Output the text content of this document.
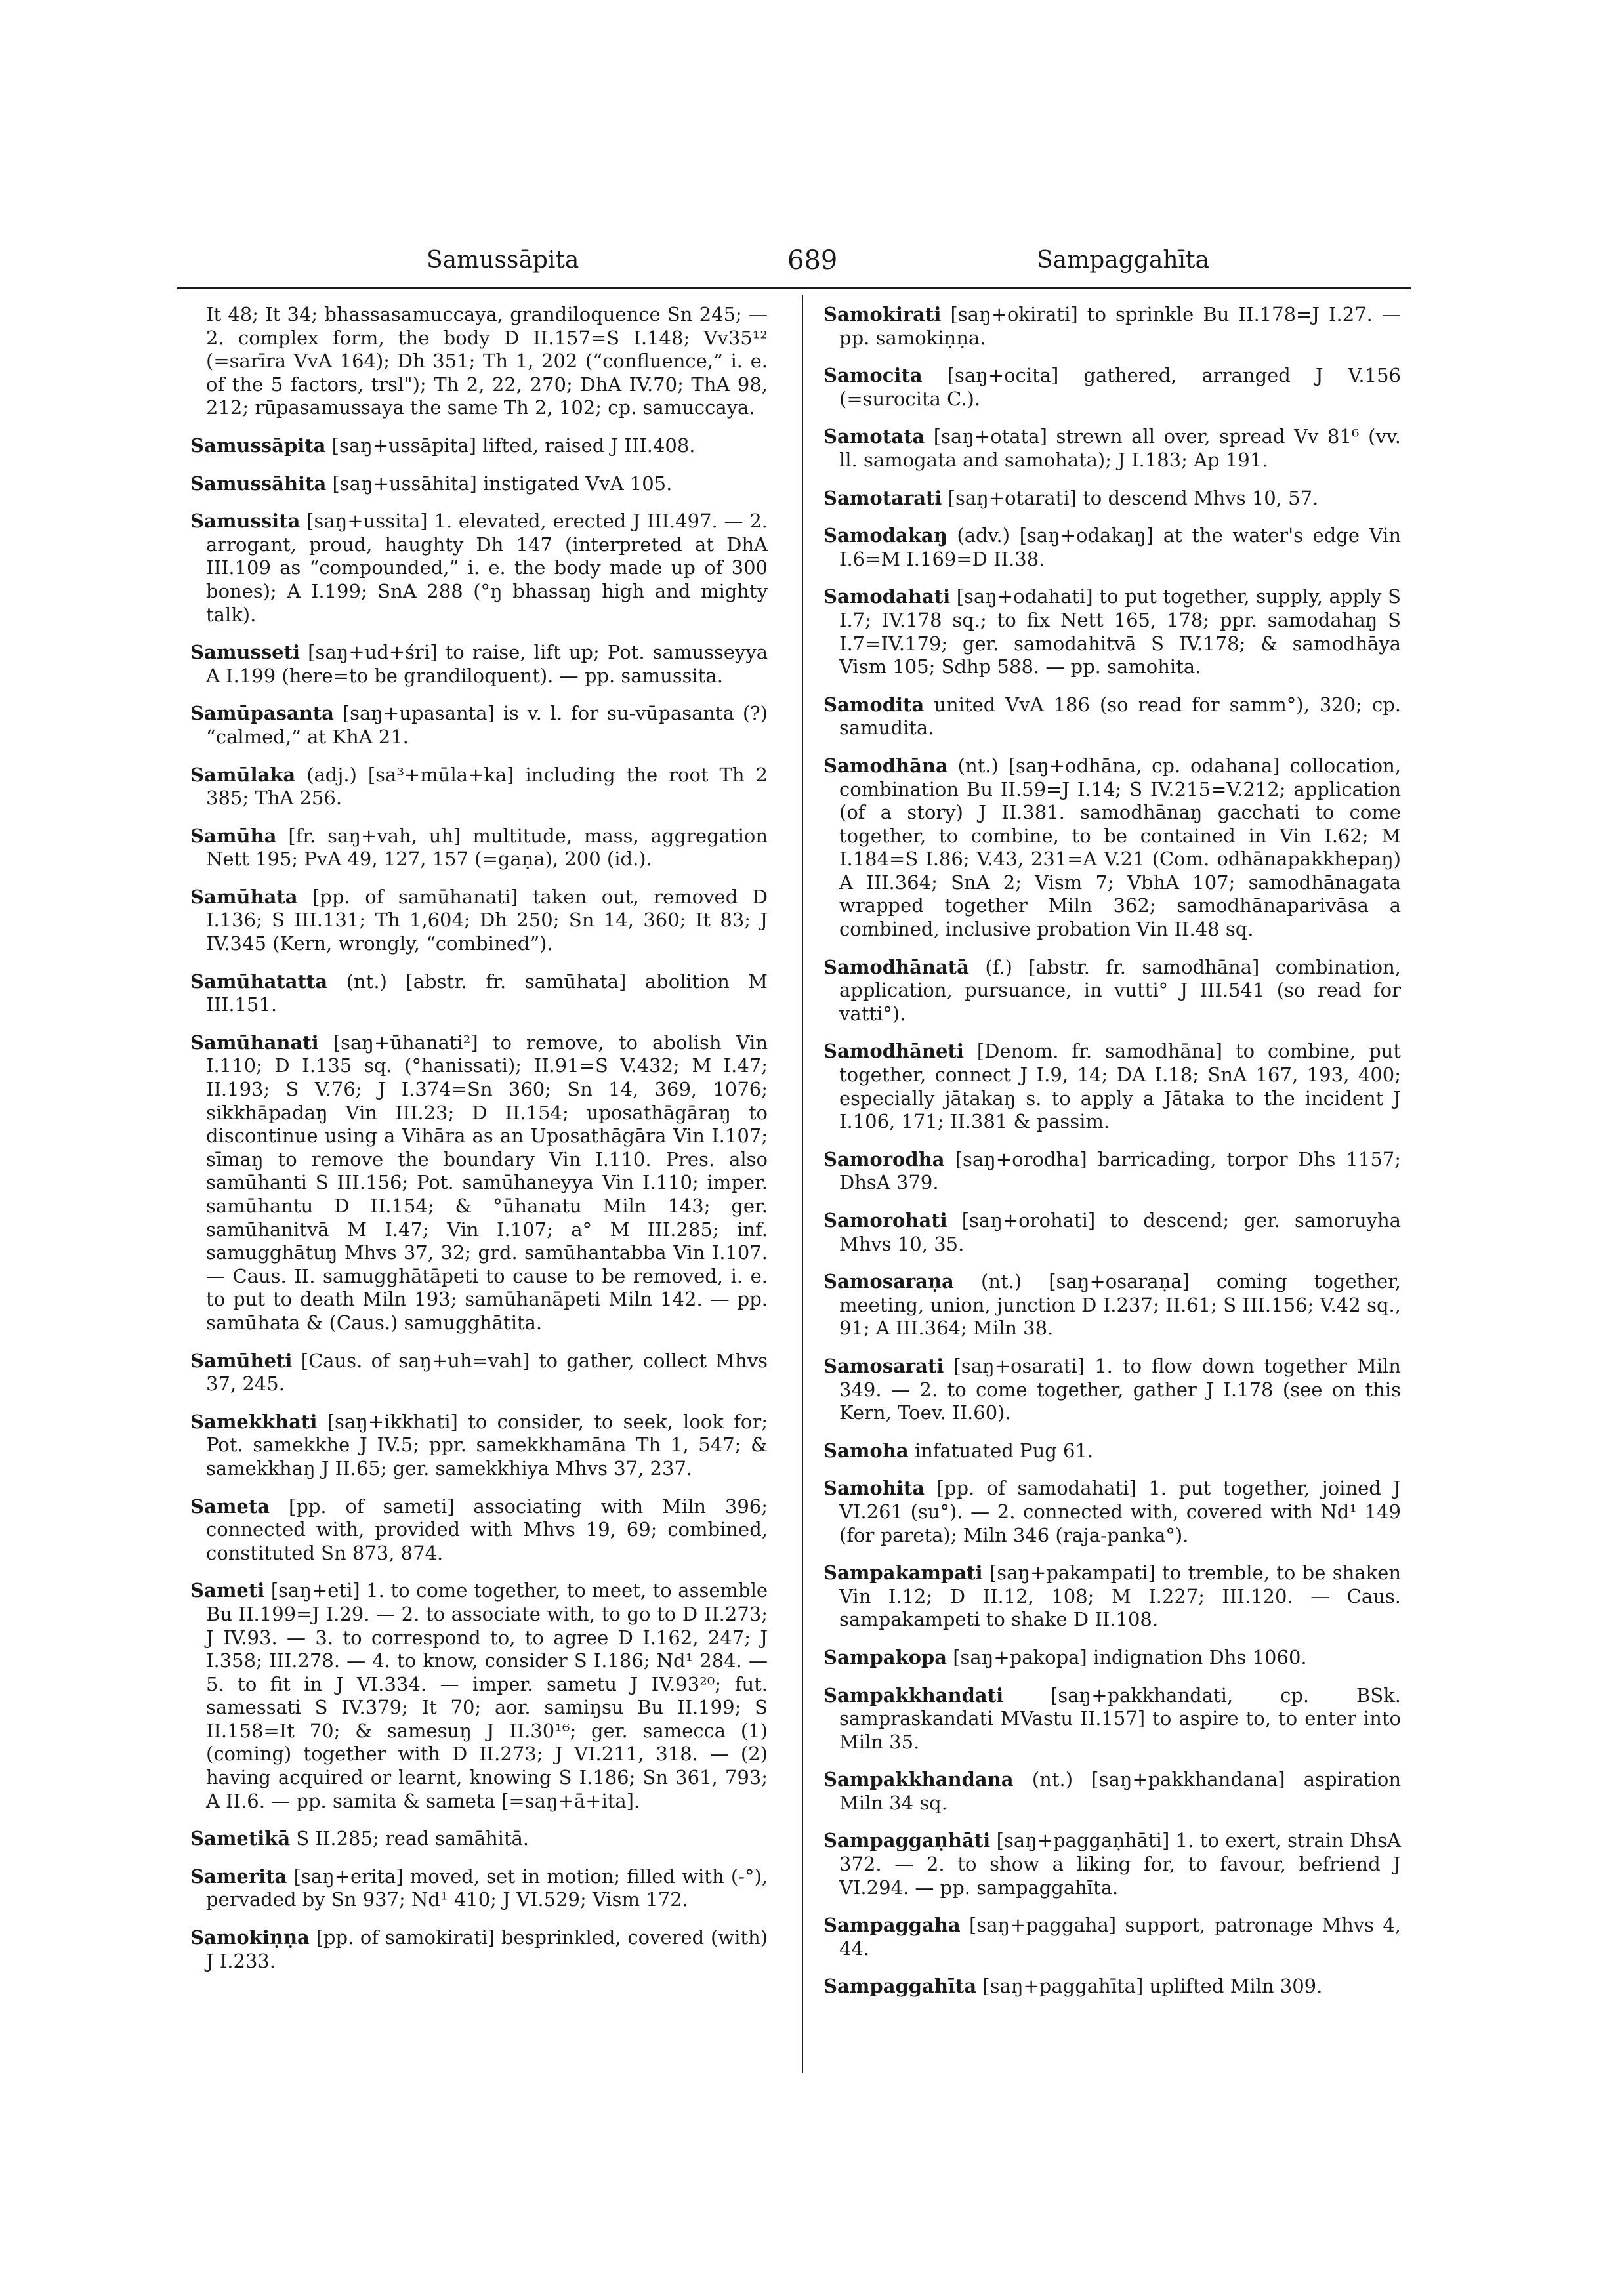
Samussāpita	689	Sampaggahīta

It 48; It 34; bhassasamuccaya, grandiloquence Sn 245; — 2. complex form, the body D II.157=S I.148; Vv35¹² (=sarīra VvA 164); Dh 351; Th 1, 202 (“confluence,” i. e. of the 5 factors, trsl"); Th 2, 22, 270; DhA IV.70; ThA 98, 212; rūpasamussaya the same Th 2, 102; cp. samuccaya.

Samussāpita [saŋ+ussāpita] lifted, raised J III.408.

Samussāhita [saŋ+ussāhita] instigated VvA 105.

Samussita [saŋ+ussita] 1. elevated, erected J III.497. — 2. arrogant, proud, haughty Dh 147 (interpreted at DhA III.109 as “compounded,” i. e. the body made up of 300 bones); A I.199; SnA 288 (°ŋ bhassaŋ high and mighty talk).

Samusseti [saŋ+ud+śri] to raise, lift up; Pot. samusseyya A I.199 (here=to be grandiloquent). — pp. samussita.

Samūpasanta [saŋ+upasanta] is v. l. for su-vūpasanta (?) “calmed,” at KhA 21.

Samūlaka (adj.) [sa³+mūla+ka] including the root Th 2 385; ThA 256.

Samūha [fr. saŋ+vah, uh] multitude, mass, aggregation Nett 195; PvA 49, 127, 157 (=gaṇa), 200 (id.).

Samūhata [pp. of samūhanati] taken out, removed D I.136; S III.131; Th 1,604; Dh 250; Sn 14, 360; It 83; J IV.345 (Kern, wrongly, “combined”).

Samūhatatta (nt.) [abstr. fr. samūhata] abolition M III.151.

Samūhanati [saŋ+ūhanati²] to remove, to abolish Vin I.110; D I.135 sq. (°hanissati); II.91=S V.432; M I.47; II.193; S V.76; J I.374=Sn 360; Sn 14, 369, 1076; sikkhāpadaŋ Vin III.23; D II.154; uposathāgāraŋ to discontinue using a Vihāra as an Uposathāgāra Vin I.107; sīmaŋ to remove the boundary Vin I.110. Pres. also samūhanti S III.156; Pot. samūhaneyya Vin I.110; imper. samūhantu D II.154; & °ūhanatu Miln 143; ger. samūhanitvā M I.47; Vin I.107; a° M III.285; inf. samugghātuŋ Mhvs 37, 32; grd. samūhantabba Vin I.107. — Caus. II. samugghātāpeti to cause to be removed, i. e. to put to death Miln 193; samūhanāpeti Miln 142. — pp. samūhata & (Caus.) samugghātita.

Samūheti [Caus. of saŋ+uh=vah] to gather, collect Mhvs 37, 245.

Samekkhati [saŋ+ikkhati] to consider, to seek, look for; Pot. samekkhe J IV.5; ppr. samekkhamāna Th 1, 547; & samekkhaŋ J II.65; ger. samekkhiya Mhvs 37, 237.

Sameta [pp. of sameti] associating with Miln 396; connected with, provided with Mhvs 19, 69; combined, constituted Sn 873, 874.

Sameti [saŋ+eti] 1. to come together, to meet, to assemble Bu II.199=J I.29. — 2. to associate with, to go to D II.273; J IV.93. — 3. to correspond to, to agree D I.162, 247; J I.358; III.278. — 4. to know, consider S I.186; Nd¹ 284. — 5. to fit in J VI.334. — imper. sametu J IV.93²⁰; fut. samessati S IV.379; It 70; aor. samiŋsu Bu II.199; S II.158=It 70; & samesuŋ J II.30¹⁶; ger. samecca (1) (coming) together with D II.273; J VI.211, 318. — (2) having acquired or learnt, knowing S I.186; Sn 361, 793; A II.6. — pp. samita & sameta [=saŋ+ā+ita].

Sametikā S II.285; read samāhitā.

Samerita [saŋ+erita] moved, set in motion; filled with (-°), pervaded by Sn 937; Nd¹ 410; J VI.529; Vism 172.

Samokiṇṇa [pp. of samokirati] besprinkled, covered (with) J I.233.

Samokirati [saŋ+okirati] to sprinkle Bu II.178=J I.27. — pp. samokiṇṇa.

Samocita [saŋ+ocita] gathered, arranged J V.156 (=surocita C.).

Samotata [saŋ+otata] strewn all over, spread Vv 81⁶ (vv. ll. samogata and samohata); J I.183; Ap 191.

Samotarati [saŋ+otarati] to descend Mhvs 10, 57.

Samodakaŋ (adv.) [saŋ+odakaŋ] at the water's edge Vin I.6=M I.169=D II.38.

Samodahati [saŋ+odahati] to put together, supply, apply S I.7; IV.178 sq.; to fix Nett 165, 178; ppr. samodahaŋ S I.7=IV.179; ger. samodahitvā S IV.178; & samodhāya Vism 105; Sdhp 588. — pp. samohita.

Samodita united VvA 186 (so read for samm°), 320; cp. samudita.

Samodhāna (nt.) [saŋ+odhāna, cp. odahana] collocation, combination Bu II.59=J I.14; S IV.215=V.212; application (of a story) J II.381. samodhānaŋ gacchati to come together, to combine, to be contained in Vin I.62; M I.184=S I.86; V.43, 231=A V.21 (Com. odhānapakkhepaŋ) A III.364; SnA 2; Vism 7; VbhA 107; samodhānagata wrapped together Miln 362; samodhānaparivāsa a combined, inclusive probation Vin II.48 sq.

Samodhānatā (f.) [abstr. fr. samodhāna] combination, application, pursuance, in vutti° J III.541 (so read for vatti°).

Samodhāneti [Denom. fr. samodhāna] to combine, put together, connect J I.9, 14; DA I.18; SnA 167, 193, 400; especially jātakaŋ s. to apply a Jātaka to the incident J I.106, 171; II.381 & passim.

Samorodha [saŋ+orodha] barricading, torpor Dhs 1157; DhsA 379.

Samorohati [saŋ+orohati] to descend; ger. samoruyha Mhvs 10, 35.

Samosaraṇa (nt.) [saŋ+osaraṇa] coming together, meeting, union, junction D I.237; II.61; S III.156; V.42 sq., 91; A III.364; Miln 38.

Samosarati [saŋ+osarati] 1. to flow down together Miln 349. — 2. to come together, gather J I.178 (see on this Kern, Toev. II.60).

Samoha infatuated Pug 61.

Samohita [pp. of samodahati] 1. put together, joined J VI.261 (su°). — 2. connected with, covered with Nd¹ 149 (for pareta); Miln 346 (raja-panka°).

Sampakampati [saŋ+pakampati] to tremble, to be shaken Vin I.12; D II.12, 108; M I.227; III.120. — Caus. sampakampeti to shake D II.108.

Sampakopa [saŋ+pakopa] indignation Dhs 1060.

Sampakkhandati [saŋ+pakkhandati, cp. BSk. sampraskandati MVastu II.157] to aspire to, to enter into Miln 35.

Sampakkhandana (nt.) [saŋ+pakkhandana] aspiration Miln 34 sq.

Sampaggaṇhāti [saŋ+paggaṇhāti] 1. to exert, strain DhsA 372. — 2. to show a liking for, to favour, befriend J VI.294. — pp. sampaggahīta.

Sampaggaha [saŋ+paggaha] support, patronage Mhvs 4, 44.

Sampaggahīta [saŋ+paggahīta] uplifted Miln 309.
